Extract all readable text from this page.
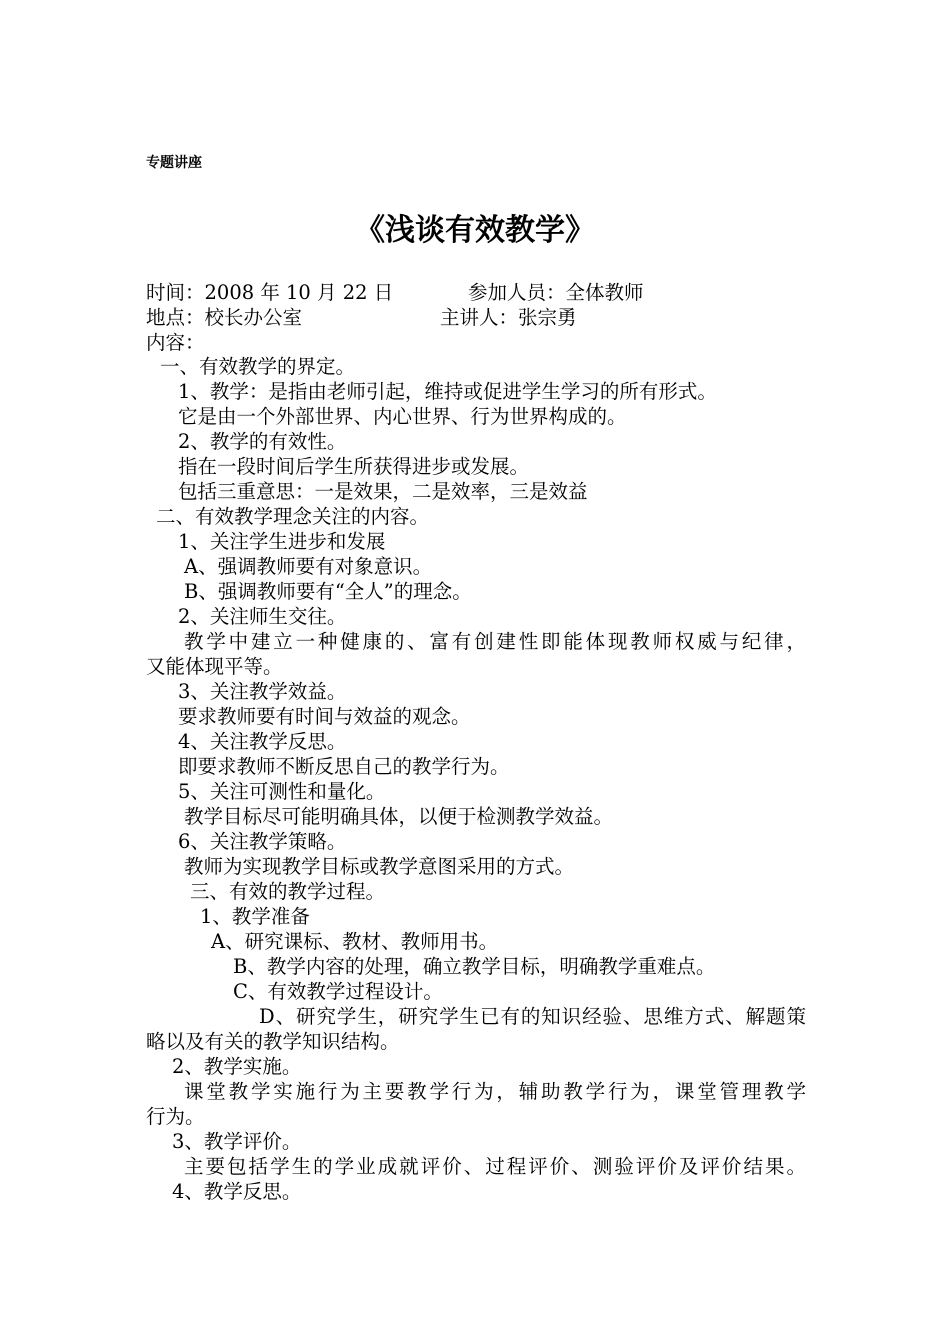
专题讲座
《浅谈有效教学》
时间：2008 年 10 月 22 日	参加人员：全体教师
地点：校长办公室	主讲人：张宗勇
内容：
一、有效教学的界定。
1、教学：是指由老师引起，维持或促进学生学习的所有形式。
它是由一个外部世界、内心世界、行为世界构成的。
2、教学的有效性。
指在一段时间后学生所获得进步或发展。
包括三重意思：一是效果，二是效率，三是效益
二、有效教学理念关注的内容。
1、关注学生进步和发展
A、强调教师要有对象意识。
B、强调教师要有“全人”的理念。
2、关注师生交往。
教学中建立一种健康的、富有创建性即能体现教师权威与纪律，
又能体现平等。
3、关注教学效益。
要求教师要有时间与效益的观念。
4、关注教学反思。
即要求教师不断反思自己的教学行为。
5、关注可测性和量化。
教学目标尽可能明确具体，以便于检测教学效益。
6、关注教学策略。
教师为实现教学目标或教学意图采用的方式。
三、有效的教学过程。
1、教学准备
A、研究课标、教材、教师用书。
B、教学内容的处理，确立教学目标，明确教学重难点。
C、有效教学过程设计。
D、研究学生，研究学生已有的知识经验、思维方式、解题策
略以及有关的教学知识结构。
2、教学实施。
课堂教学实施行为主要教学行为，辅助教学行为，课堂管理教学
行为。
3、教学评价。
主要包括学生的学业成就评价、过程评价、测验评价及评价结果。
4、教学反思。
